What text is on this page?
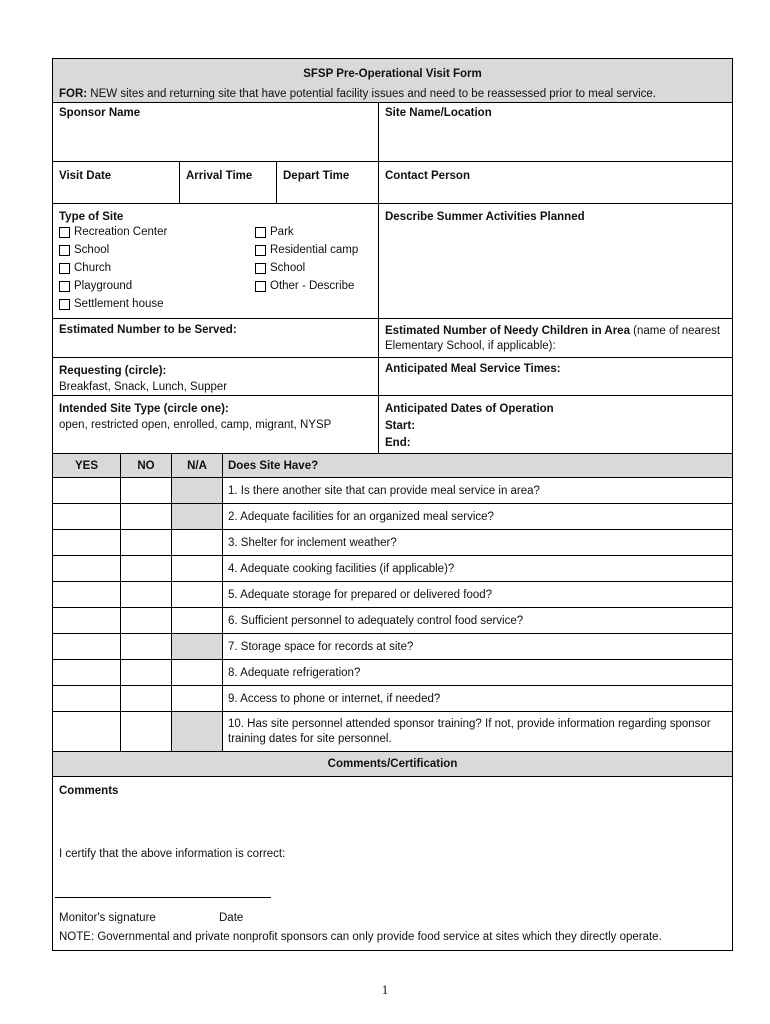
SFSP Pre-Operational Visit Form
FOR: NEW sites and returning site that have potential facility issues and need to be reassessed prior to meal service.
Sponsor Name	Site Name/Location
Visit Date	Arrival Time	Depart Time	Contact Person
Type of Site
Recreation Center
School
Church
Playground
Settlement house
Park
Residential camp
School
Other - Describe
Describe Summer Activities Planned
Estimated Number to be Served:	Estimated Number of Needy Children in Area (name of nearest Elementary School, if applicable):
Requesting (circle):
Breakfast, Snack, Lunch, Supper
Anticipated Meal Service Times:
Intended Site Type (circle one):
open, restricted open, enrolled, camp, migrant, NYSP
Anticipated Dates of Operation
Start:
End:
YES	NO	N/A	Does Site Have?
1. Is there another site that can provide meal service in area?
2. Adequate facilities for an organized meal service?
3. Shelter for inclement weather?
4. Adequate cooking facilities (if applicable)?
5. Adequate storage for prepared or delivered food?
6. Sufficient personnel to adequately control food service?
7. Storage space for records at site?
8. Adequate refrigeration?
9. Access to phone or internet, if needed?
10. Has site personnel attended sponsor training? If not, provide information regarding sponsor training dates for site personnel.
Comments/Certification
Comments
I certify that the above information is correct:
Monitor's signature	Date
NOTE: Governmental and private nonprofit sponsors can only provide food service at sites which they directly operate.
1
